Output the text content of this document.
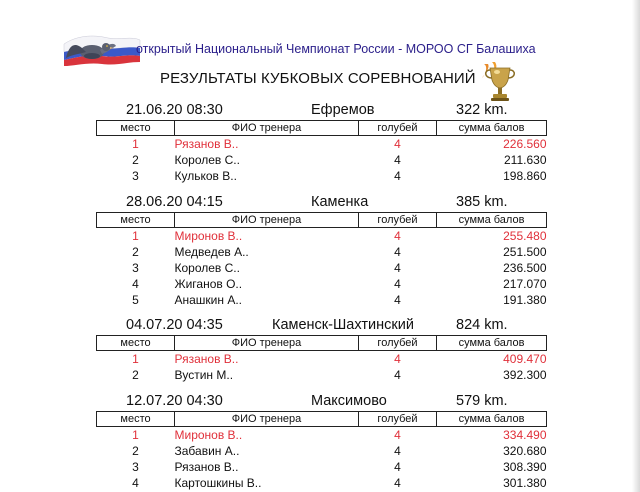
открытый Национальный Чемпионат России - МОРОО СГ Балашиха
РЕЗУЛЬТАТЫ КУБКОВЫХ СОРЕВНОВАНИЙ
21.06.20 08:30	Ефремов	322 km.
место	ФИО тренера	голубей	сумма балов
1	Рязанов В..	4	226.560
2	Королев С..	4	211.630
3	Кульков В..	4	198.860
28.06.20 04:15	Каменка	385 km.
место	ФИО тренера	голубей	сумма балов
1	Миронов В..	4	255.480
2	Медведев А..	4	251.500
3	Королев С..	4	236.500
4	Жиганов О..	4	217.070
5	Анашкин А..	4	191.380
04.07.20 04:35	Каменск-Шахтинский	824 km.
место	ФИО тренера	голубей	сумма балов
1	Рязанов В..	4	409.470
2	Вустин М..	4	392.300
12.07.20 04:30	Максимово	579 km.
место	ФИО тренера	голубей	сумма балов
1	Миронов В..	4	334.490
2	Забавин А..	4	320.680
3	Рязанов В..	4	308.390
4	Картошкины В..	4	301.380
